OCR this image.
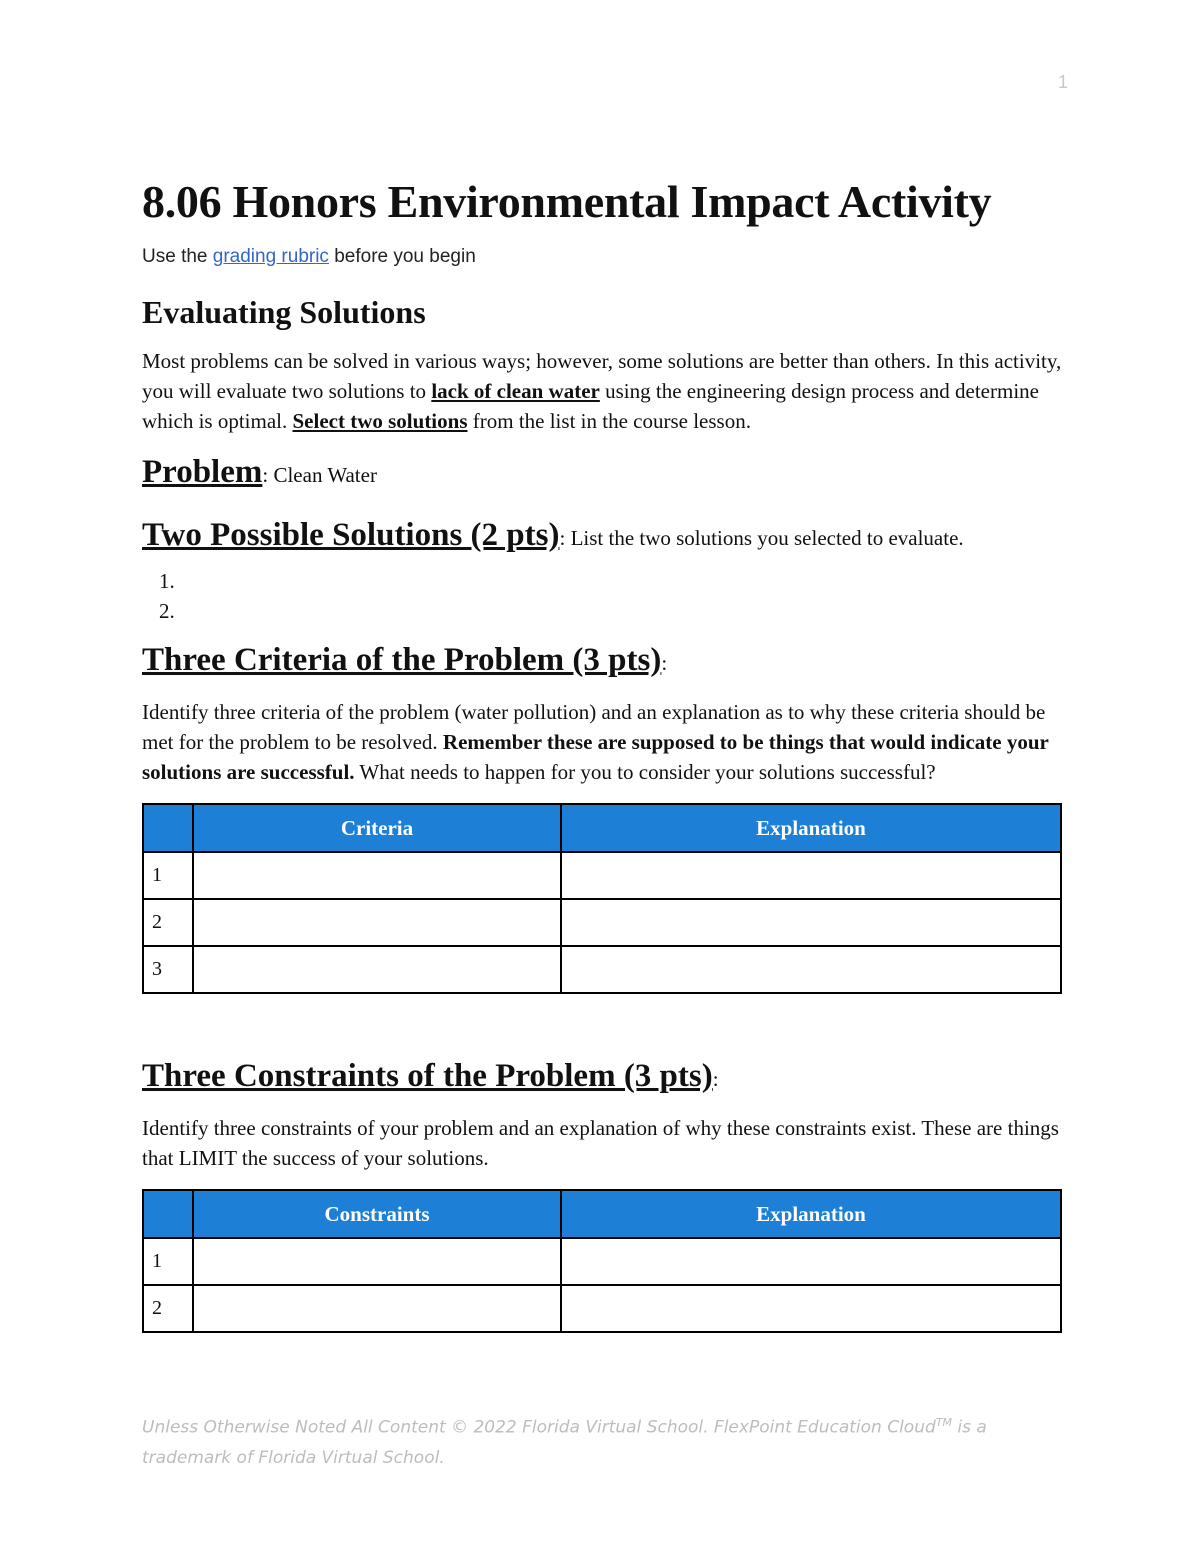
1
8.06 Honors Environmental Impact Activity
Use the grading rubric before you begin
Evaluating Solutions

Most problems can be solved in various ways; however, some solutions are better than others. In this activity, you will evaluate two solutions to lack of clean water using the engineering design process and determine which is optimal. Select two solutions from the list in the course lesson.

Problem: Clean Water

Two Possible Solutions (2 pts): List the two solutions you selected to evaluate.

1.
2.

Three Criteria of the Problem (3 pts):

Identify three criteria of the problem (water pollution) and an explanation as to why these criteria should be met for the problem to be resolved. Remember these are supposed to be things that would indicate your solutions are successful. What needs to happen for you to consider your solutions successful?

	Criteria	Explanation
1		
2		
3		

Three Constraints of the Problem (3 pts):

Identify three constraints of your problem and an explanation of why these constraints exist. These are things that LIMIT the success of your solutions.

	Constraints	Explanation
1		
2		
Unless Otherwise Noted All Content © 2022 Florida Virtual School. FlexPoint Education Cloud™ is a trademark of Florida Virtual School.
